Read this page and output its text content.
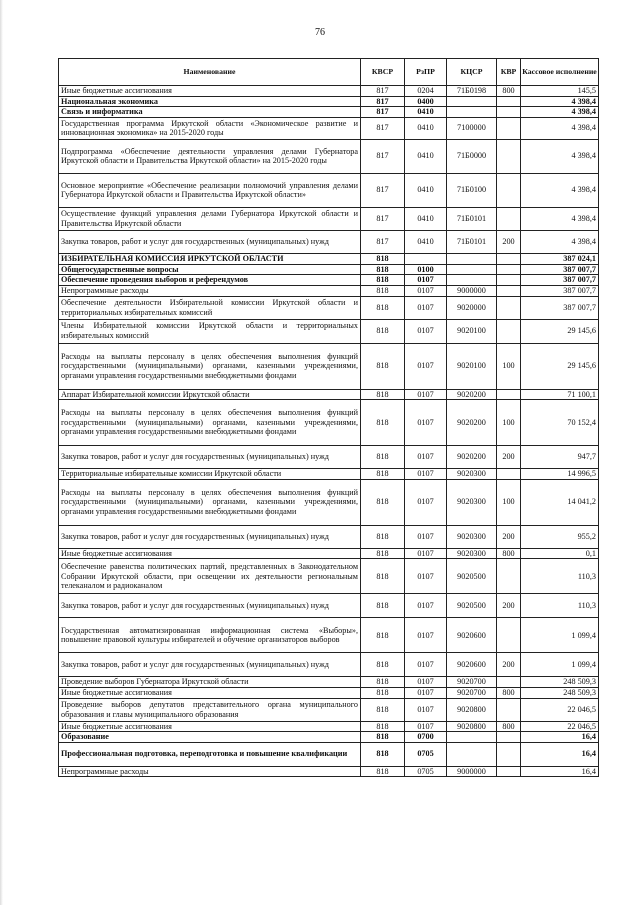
76
Наименование	КВСР	РзПР	КЦСР	КВР	Кассовое исполнение
Иные бюджетные ассигнования	817	0204	71Б0198	800	145,5
Национальная экономика	817	0400			4 398,4
Связь и информатика	817	0410			4 398,4
Государственная программа Иркутской области «Экономическое развитие и инновационная экономика» на 2015-2020 годы	817	0410	7100000		4 398,4
Подпрограмма «Обеспечение деятельности управления делами Губернатора Иркутской области и Правительства Иркутской области» на 2015-2020 годы	817	0410	71Б0000		4 398,4
Основное мероприятие «Обеспечение реализации полномочий управления делами Губернатора Иркутской области и Правительства Иркутской области»	817	0410	71Б0100		4 398,4
Осуществление функций управления делами Губернатора Иркутской области и Правительства Иркутской области	817	0410	71Б0101		4 398,4
Закупка товаров, работ и услуг для государственных (муниципальных) нужд	817	0410	71Б0101	200	4 398,4
ИЗБИРАТЕЛЬНАЯ КОМИССИЯ ИРКУТСКОЙ ОБЛАСТИ	818				387 024,1
Общегосударственные вопросы	818	0100			387 007,7
Обеспечение проведения выборов и референдумов	818	0107			387 007,7
Непрограммные расходы	818	0107	9000000		387 007,7
Обеспечение деятельности Избирательной комиссии Иркутской области и территориальных избирательных комиссий	818	0107	9020000		387 007,7
Члены Избирательной комиссии Иркутской области и территориальных избирательных комиссий	818	0107	9020100		29 145,6
Расходы на выплаты персоналу в целях обеспечения выполнения функций государственными (муниципальными) органами, казенными учреждениями, органами управления государственными внебюджетными фондами	818	0107	9020100	100	29 145,6
Аппарат Избирательной комиссии Иркутской области	818	0107	9020200		71 100,1
Расходы на выплаты персоналу в целях обеспечения выполнения функций государственными (муниципальными) органами, казенными учреждениями, органами управления государственными внебюджетными фондами	818	0107	9020200	100	70 152,4
Закупка товаров, работ и услуг для государственных (муниципальных) нужд	818	0107	9020200	200	947,7
Территориальные избирательные комиссии Иркутской области	818	0107	9020300		14 996,5
Расходы на выплаты персоналу в целях обеспечения выполнения функций государственными (муниципальными) органами, казенными учреждениями, органами управления государственными внебюджетными фондами	818	0107	9020300	100	14 041,2
Закупка товаров, работ и услуг для государственных (муниципальных) нужд	818	0107	9020300	200	955,2
Иные бюджетные ассигнования	818	0107	9020300	800	0,1
Обеспечение равенства политических партий, представленных в Законодательном Собрании Иркутской области, при освещении их деятельности региональным телеканалом и радиоканалом	818	0107	9020500		110,3
Закупка товаров, работ и услуг для государственных (муниципальных) нужд	818	0107	9020500	200	110,3
Государственная автоматизированная информационная система «Выборы», повышение правовой культуры избирателей и обучение организаторов выборов	818	0107	9020600		1 099,4
Закупка товаров, работ и услуг для государственных (муниципальных) нужд	818	0107	9020600	200	1 099,4
Проведение выборов Губернатора Иркутской области	818	0107	9020700		248 509,3
Иные бюджетные ассигнования	818	0107	9020700	800	248 509,3
Проведение выборов депутатов представительного органа муниципального образования и главы муниципального образования	818	0107	9020800		22 046,5
Иные бюджетные ассигнования	818	0107	9020800	800	22 046,5
Образование	818	0700			16,4
Профессиональная подготовка, переподготовка и повышение квалификации	818	0705			16,4
Непрограммные расходы	818	0705	9000000		16,4
